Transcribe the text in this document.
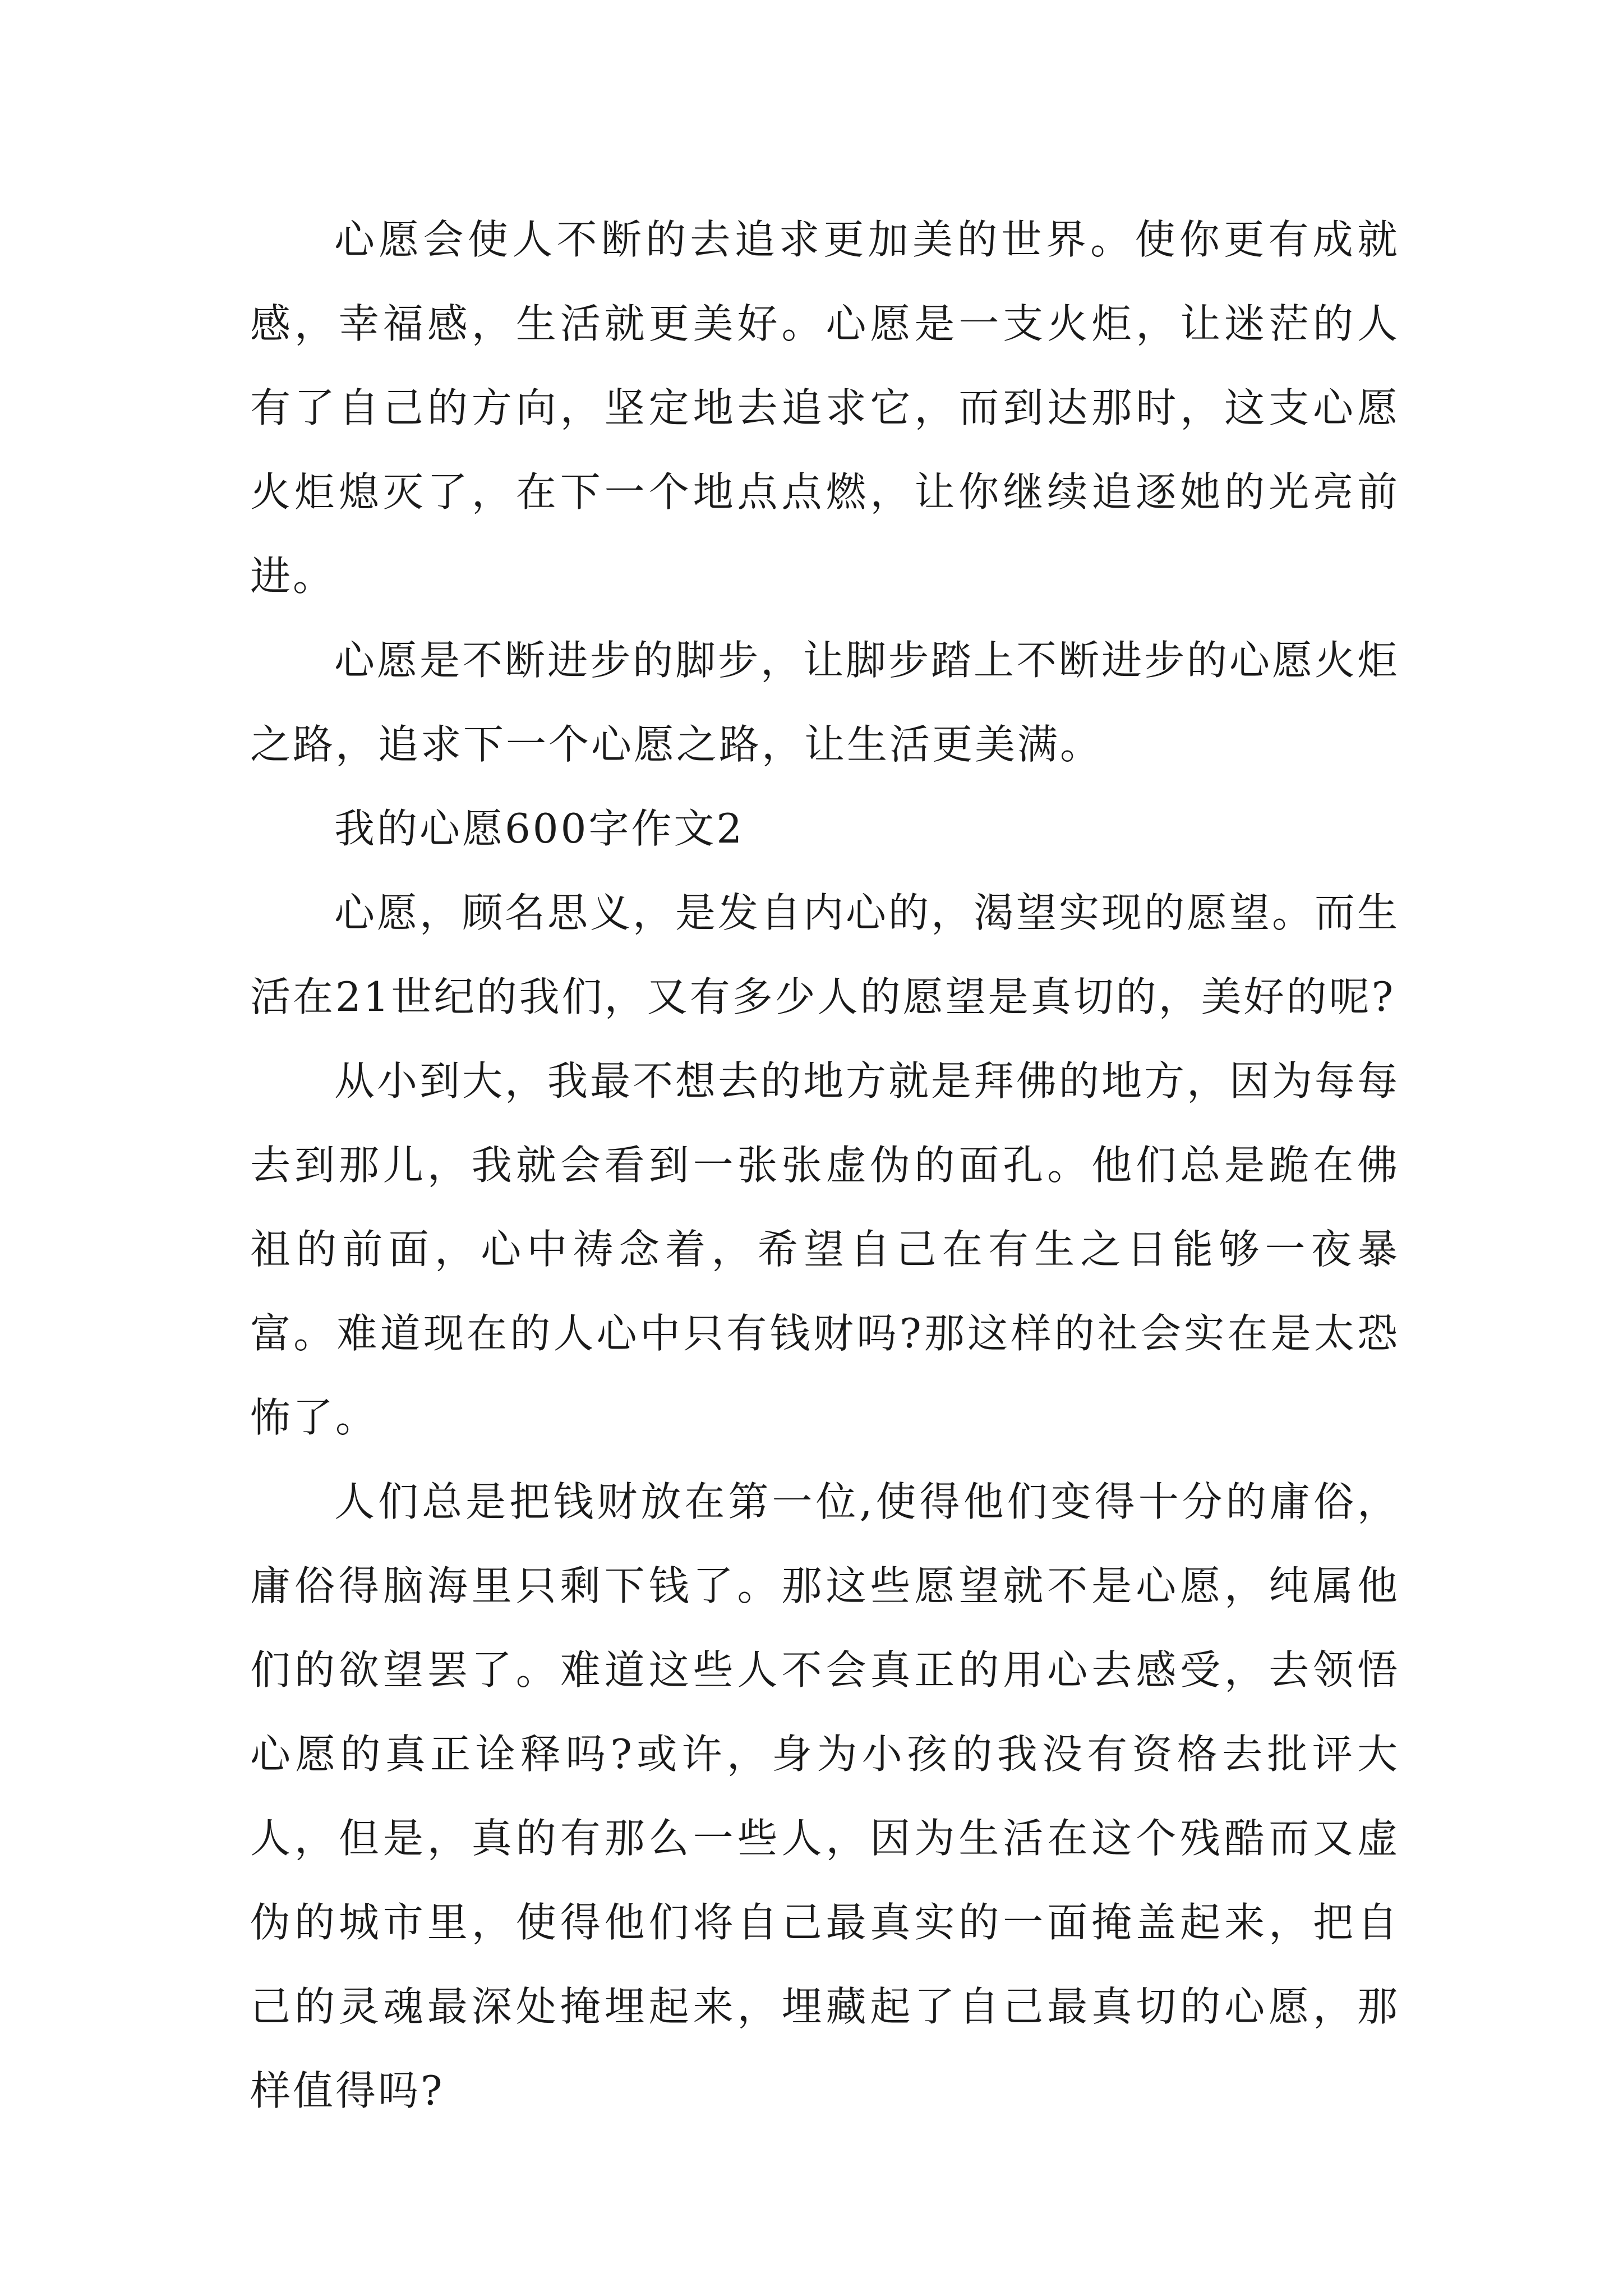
心愿会使人不断的去追求更加美的世界。使你更有成就感，幸福感，生活就更美好。心愿是一支火炬，让迷茫的人有了自己的方向，坚定地去追求它，而到达那时，这支心愿火炬熄灭了，在下一个地点点燃，让你继续追逐她的光亮前进。

心愿是不断进步的脚步，让脚步踏上不断进步的心愿火炬之路，追求下一个心愿之路，让生活更美满。

我的心愿600字作文2

心愿，顾名思义，是发自内心的，渴望实现的愿望。而生活在21世纪的我们，又有多少人的愿望是真切的，美好的呢?

从小到大，我最不想去的地方就是拜佛的地方，因为每每去到那儿，我就会看到一张张虚伪的面孔。他们总是跪在佛祖的前面，心中祷念着，希望自己在有生之日能够一夜暴富。难道现在的人心中只有钱财吗?那这样的社会实在是太恐怖了。

人们总是把钱财放在第一位,使得他们变得十分的庸俗，庸俗得脑海里只剩下钱了。那这些愿望就不是心愿，纯属他们的欲望罢了。难道这些人不会真正的用心去感受，去领悟心愿的真正诠释吗?或许，身为小孩的我没有资格去批评大人，但是，真的有那么一些人，因为生活在这个残酷而又虚伪的城市里，使得他们将自己最真实的一面掩盖起来，把自己的灵魂最深处掩埋起来，埋藏起了自己最真切的心愿，那样值得吗?
